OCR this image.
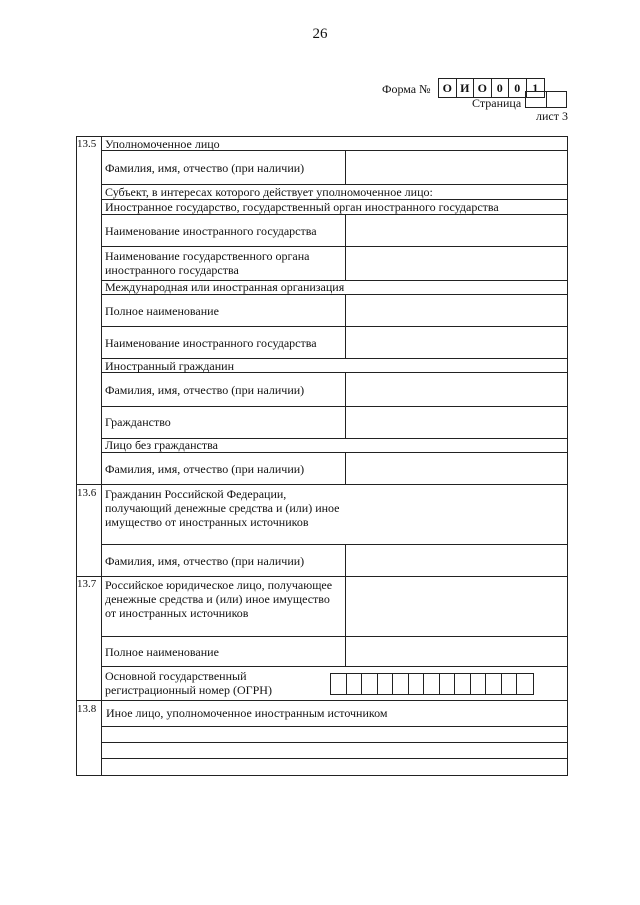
26
Форма № О И О 0 0	1
Страница
лист 3
13.5
13.6
13.7
13.8
Уполномоченное лицо
Фамилия, имя, отчество (при наличии)
Субъект, в интересах которого действует уполномоченное лицо:
Иностранное государство, государственный орган иностранного государства
Наименование иностранного государства
Наименование государственного органа иностранного государства
Международная или иностранная организация
Полное наименование
Наименование иностранного государства
Иностранный гражданин
Фамилия, имя, отчество (при наличии)
Гражданство
Лицо без гражданства
Фамилия, имя, отчество (при наличии)
Гражданин Российской Федерации, получающий денежные средства и (или) иное имущество от иностранных источников
Фамилия, имя, отчество (при наличии)
Российское юридическое лицо, получающее денежные средства и (или) иное имущество от иностранных источников
Полное наименование
Основной государственный регистрационный номер (ОГРН)
Иное лицо, уполномоченное иностранным источником
